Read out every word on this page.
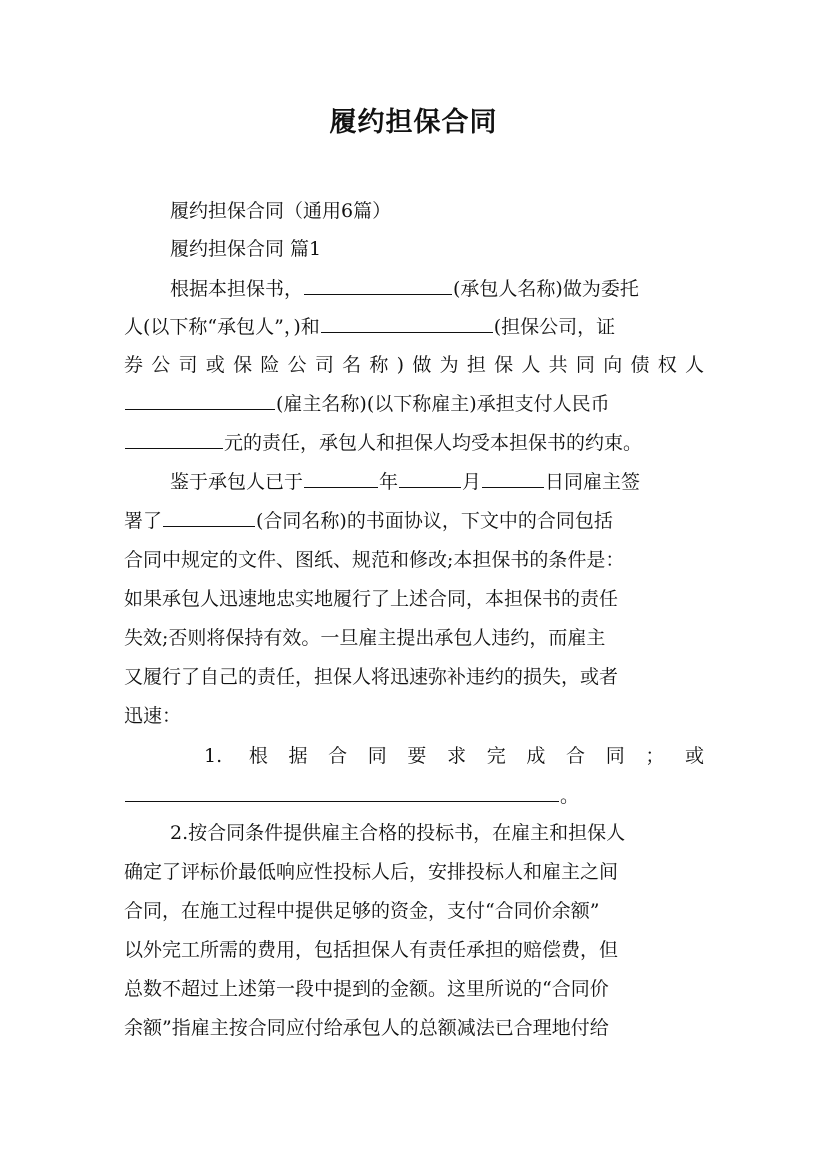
履约担保合同
履约担保合同（通用6篇）
履约担保合同 篇1
根据本担保书，	(承包人名称)做为委托
人(以下称“承包人”，)和	(担保公司，证
券公司或保险公司名称)做为担保人共同向债权人
(雇主名称)(以下称雇主)承担支付人民币
元的责任，承包人和担保人均受本担保书的约束。
鉴于承包人已于	年	月	日同雇主签
署了	(合同名称)的书面协议，下文中的合同包括
合同中规定的文件、图纸、规范和修改;本担保书的条件是：
如果承包人迅速地忠实地履行了上述合同，本担保书的责任
失效;否则将保持有效。一旦雇主提出承包人违约，而雇主
又履行了自己的责任，担保人将迅速弥补违约的损失，或者
迅速：
1. 根据合同要求完成合同；或
。
2.按合同条件提供雇主合格的投标书，在雇主和担保人
确定了评标价最低响应性投标人后，安排投标人和雇主之间
合同，在施工过程中提供足够的资金，支付“合同价余额”
以外完工所需的费用，包括担保人有责任承担的赔偿费，但
总数不超过上述第一段中提到的金额。这里所说的“合同价
余额”指雇主按合同应付给承包人的总额减法已合理地付给
